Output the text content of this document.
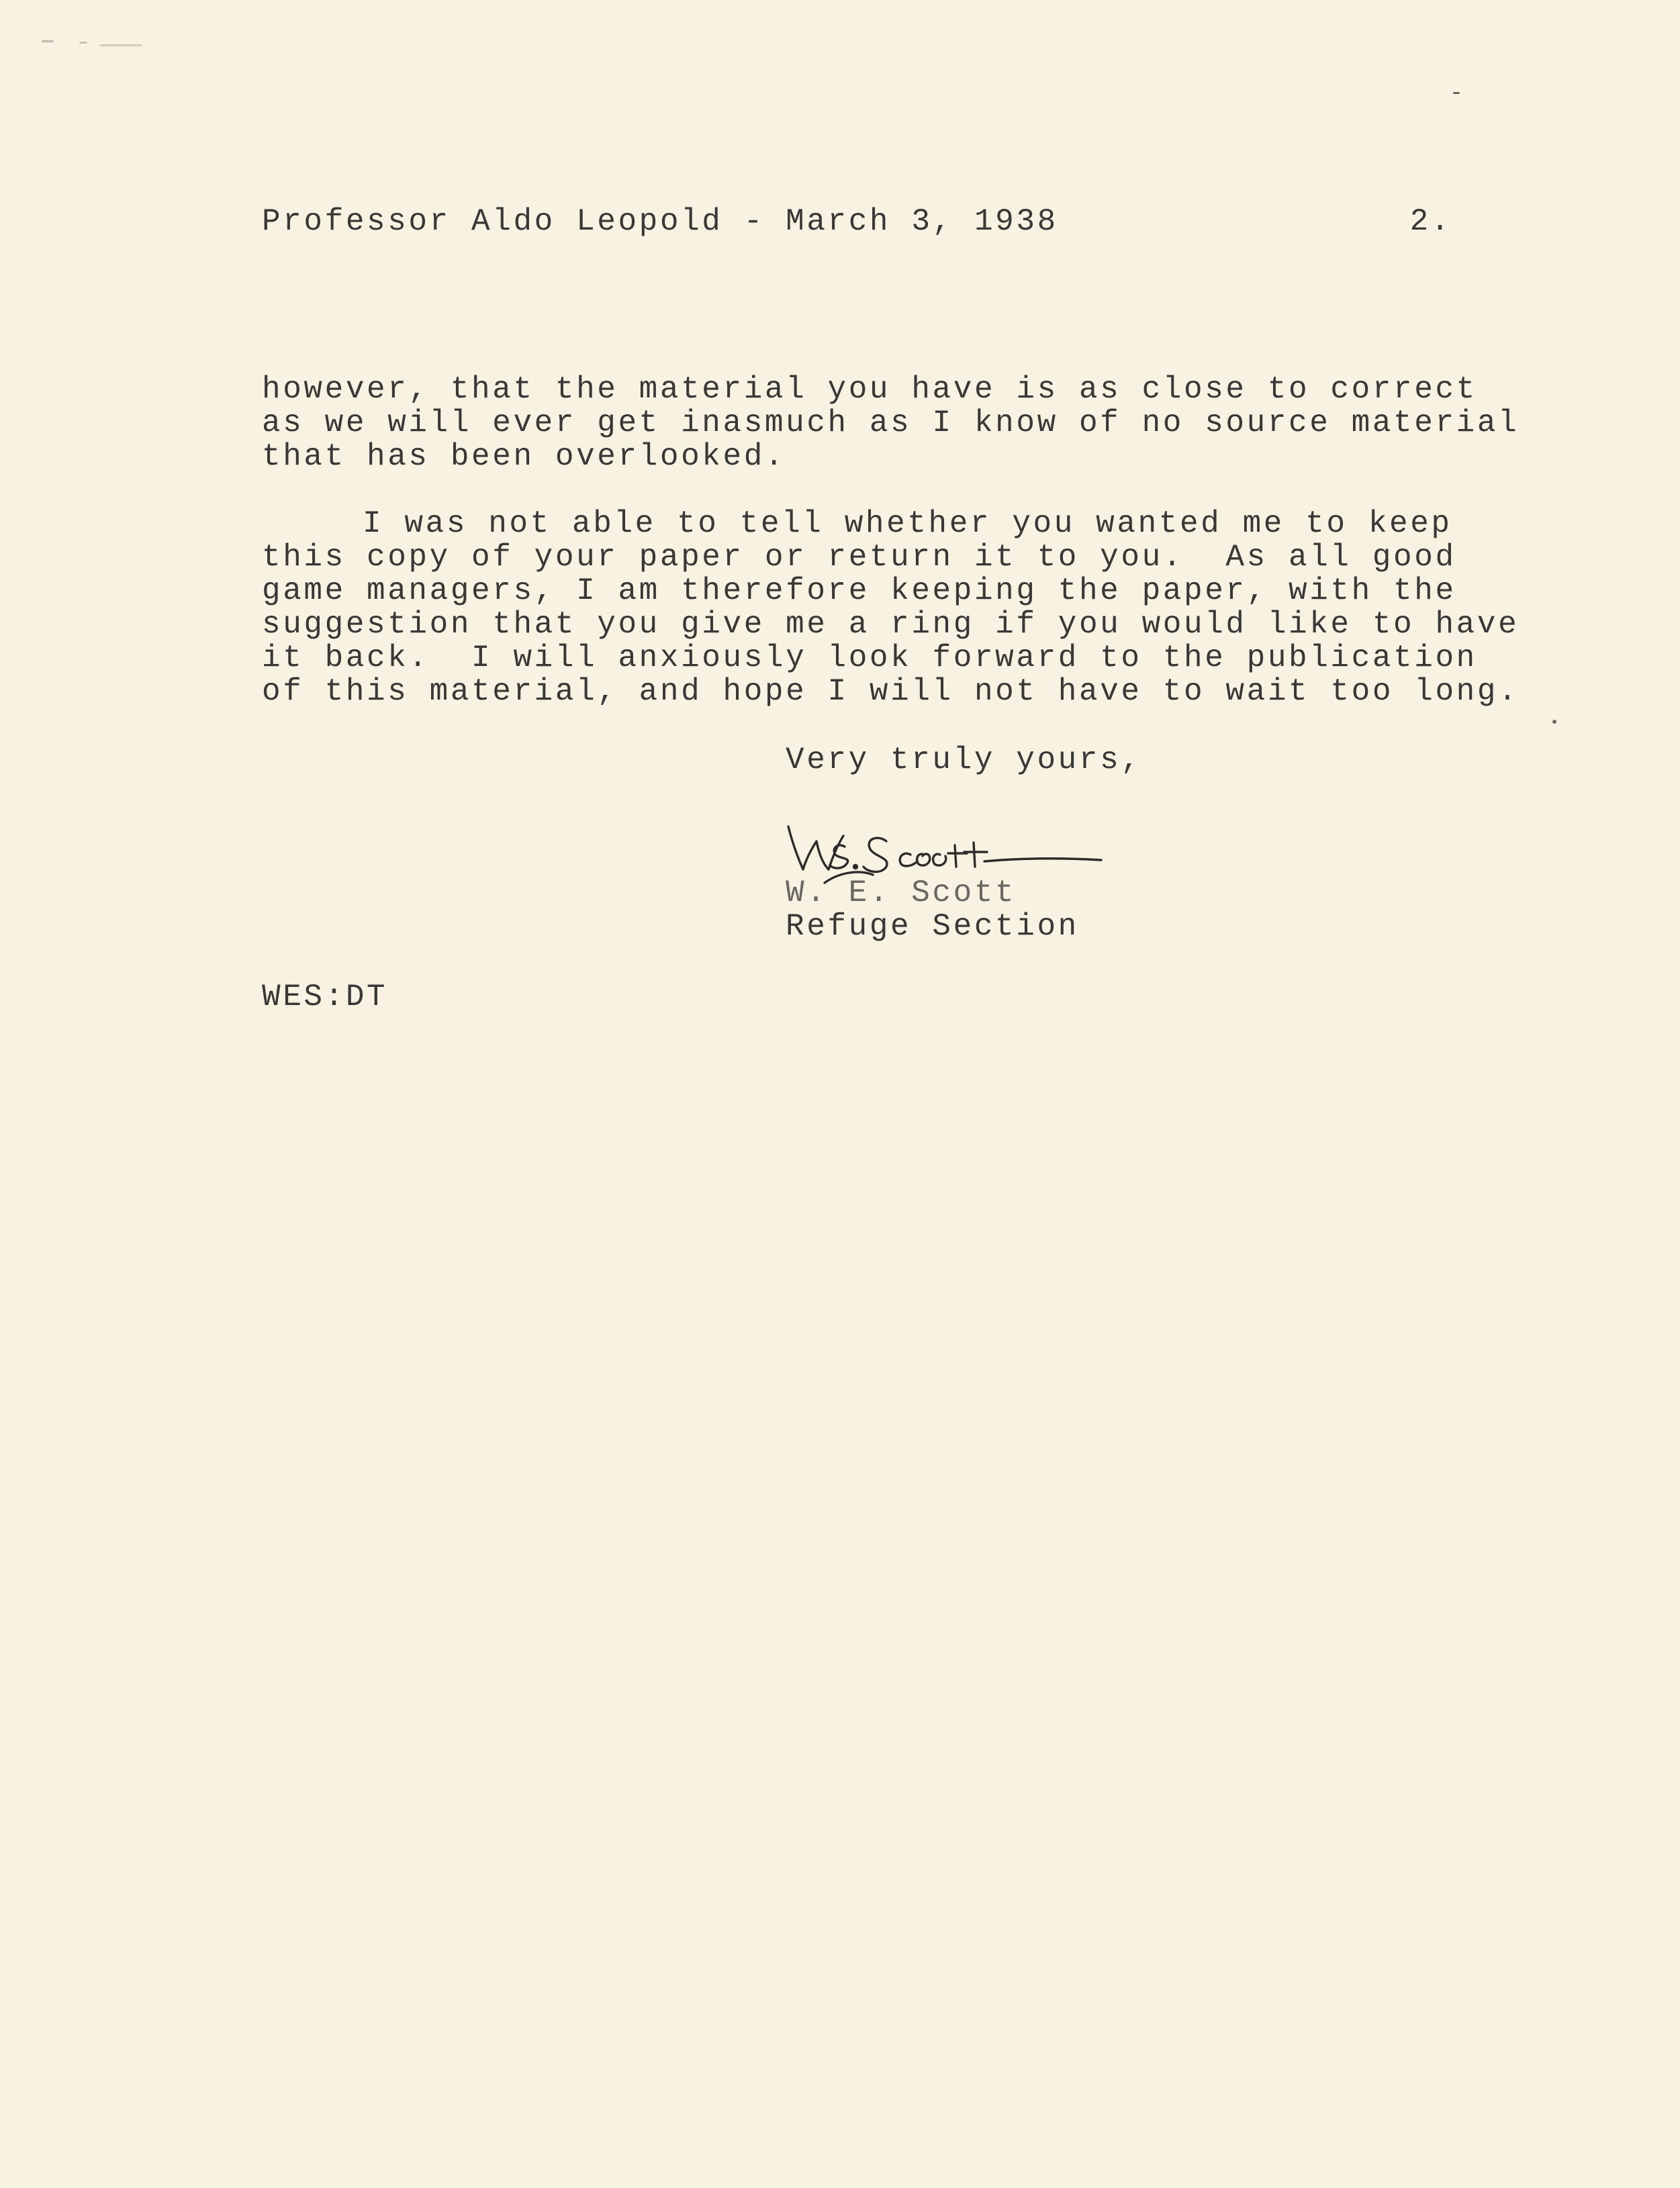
Professor Aldo Leopold - March 3, 1938	2.
however, that the material you have is as close to correct
as we will ever get inasmuch as I know of no source material
that has been overlooked.
I was not able to tell whether you wanted me to keep
this copy of your paper or return it to you.  As all good
game managers, I am therefore keeping the paper, with the
suggestion that you give me a ring if you would like to have
it back.  I will anxiously look forward to the publication
of this material, and hope I will not have to wait too long.
Very truly yours,
W. E. Scott
Refuge Section
WES:DT
